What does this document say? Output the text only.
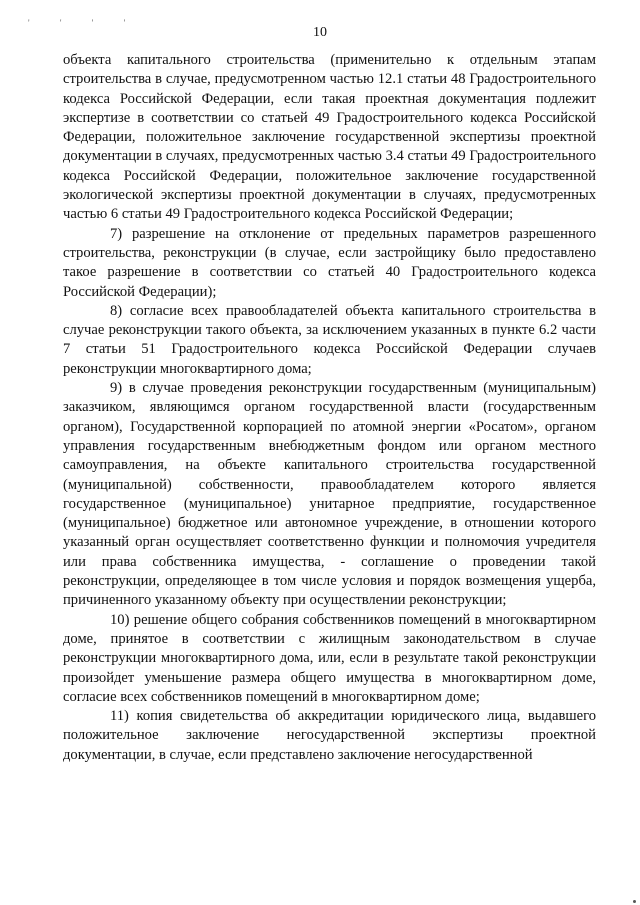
' ' ' '
10

объекта капитального строительства (применительно к отдельным этапам строительства в случае, предусмотренном частью 12.1 статьи 48 Градостроительного кодекса Российской Федерации, если такая проектная документация подлежит экспертизе в соответствии со статьей 49 Градостроительного кодекса Российской Федерации, положительное заключение государственной экспертизы проектной документации в случаях, предусмотренных частью 3.4 статьи 49 Градостроительного кодекса Российской Федерации, положительное заключение государственной экологической экспертизы проектной документации в случаях, предусмотренных частью 6 статьи 49 Градостроительного кодекса Российской Федерации;

7) разрешение на отклонение от предельных параметров разрешенного строительства, реконструкции (в случае, если застройщику было предоставлено такое разрешение в соответствии со статьей 40 Градостроительного кодекса Российской Федерации);

8) согласие всех правообладателей объекта капитального строительства в случае реконструкции такого объекта, за исключением указанных в пункте 6.2 части 7 статьи 51 Градостроительного кодекса Российской Федерации случаев реконструкции многоквартирного дома;

9) в случае проведения реконструкции государственным (муниципальным) заказчиком, являющимся органом государственной власти (государственным органом), Государственной корпорацией по атомной энергии «Росатом», органом управления государственным внебюджетным фондом или органом местного самоуправления, на объекте капитального строительства государственной (муниципальной) собственности, правообладателем которого является государственное (муниципальное) унитарное предприятие, государственное (муниципальное) бюджетное или автономное учреждение, в отношении которого указанный орган осуществляет соответственно функции и полномочия учредителя или права собственника имущества, - соглашение о проведении такой реконструкции, определяющее в том числе условия и порядок возмещения ущерба, причиненного указанному объекту при осуществлении реконструкции;

10) решение общего собрания собственников помещений в многоквартирном доме, принятое в соответствии с жилищным законодательством в случае реконструкции многоквартирного дома, или, если в результате такой реконструкции произойдет уменьшение размера общего имущества в многоквартирном доме, согласие всех собственников помещений в многоквартирном доме;

11) копия свидетельства об аккредитации юридического лица, выдавшего положительное заключение негосударственной экспертизы проектной документации, в случае, если представлено заключение негосударственной
